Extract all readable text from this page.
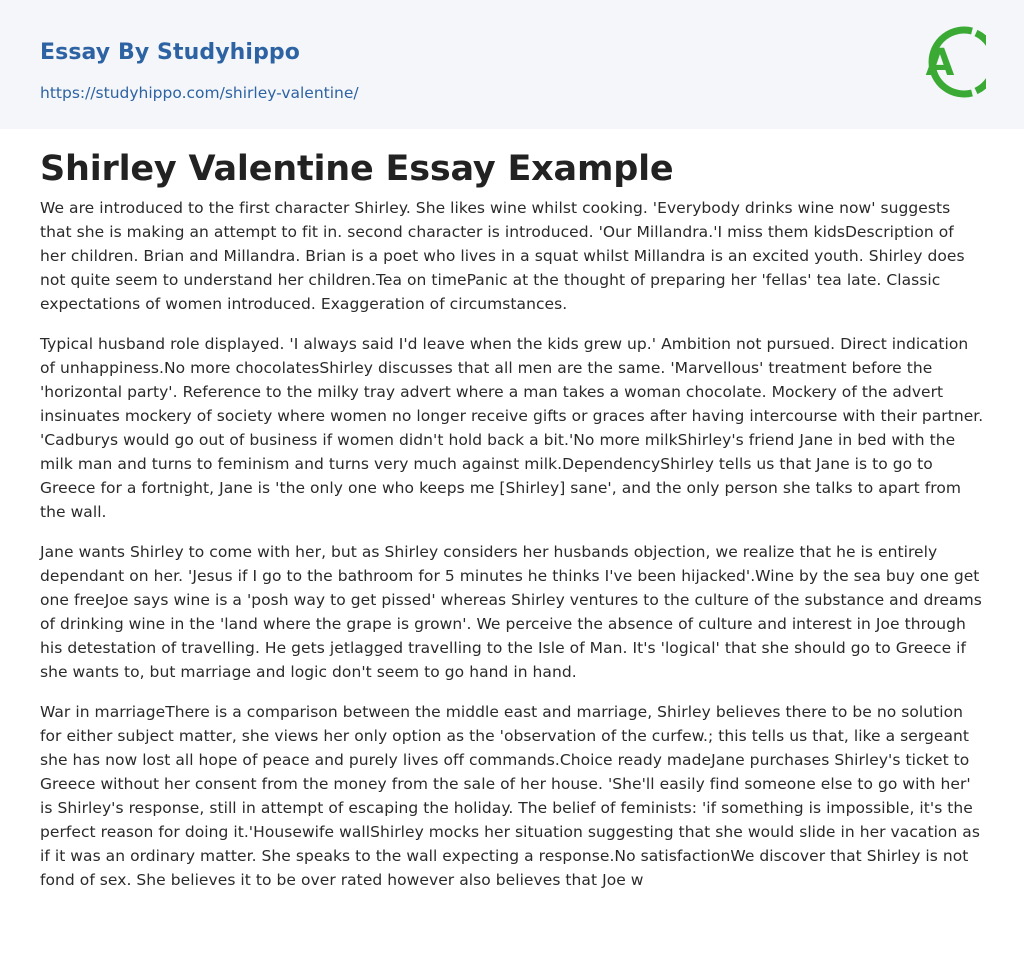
Essay By Studyhippo
https://studyhippo.com/shirley-valentine/
A
Shirley Valentine Essay Example

We are introduced to the first character Shirley. She likes wine whilst cooking. 'Everybody drinks wine now' suggests that she is making an attempt to fit in. second character is introduced. 'Our Millandra.'I miss them kidsDescription of her children. Brian and Millandra. Brian is a poet who lives in a squat whilst Millandra is an excited youth. Shirley does not quite seem to understand her children.Tea on timePanic at the thought of preparing her 'fellas' tea late. Classic expectations of women introduced. Exaggeration of circumstances.

Typical husband role displayed. 'I always said I'd leave when the kids grew up.' Ambition not pursued. Direct indication of unhappiness.No more chocolatesShirley discusses that all men are the same. 'Marvellous' treatment before the 'horizontal party'. Reference to the milky tray advert where a man takes a woman chocolate. Mockery of the advert insinuates mockery of society where women no longer receive gifts or graces after having intercourse with their partner. 'Cadburys would go out of business if women didn't hold back a bit.'No more milkShirley's friend Jane in bed with the milk man and turns to feminism and turns very much against milk.DependencyShirley tells us that Jane is to go to Greece for a fortnight, Jane is 'the only one who keeps me [Shirley] sane', and the only person she talks to apart from the wall.

Jane wants Shirley to come with her, but as Shirley considers her husbands objection, we realize that he is entirely dependant on her. 'Jesus if I go to the bathroom for 5 minutes he thinks I've been hijacked'.Wine by the sea buy one get one freeJoe says wine is a 'posh way to get pissed' whereas Shirley ventures to the culture of the substance and dreams of drinking wine in the 'land where the grape is grown'. We perceive the absence of culture and interest in Joe through his detestation of travelling. He gets jetlagged travelling to the Isle of Man. It's 'logical' that she should go to Greece if she wants to, but marriage and logic don't seem to go hand in hand.

War in marriageThere is a comparison between the middle east and marriage, Shirley believes there to be no solution for either subject matter, she views her only option as the 'observation of the curfew.; this tells us that, like a sergeant she has now lost all hope of peace and purely lives off commands.Choice ready madeJane purchases Shirley's ticket to Greece without her consent from the money from the sale of her house. 'She'll easily find someone else to go with her' is Shirley's response, still in attempt of escaping the holiday. The belief of feminists: 'if something is impossible, it's the perfect reason for doing it.'Housewife wallShirley mocks her situation suggesting that she would slide in her vacation as if it was an ordinary matter. She speaks to the wall expecting a response.No satisfactionWe discover that Shirley is not fond of sex. She believes it to be over rated however also believes that Joe w
